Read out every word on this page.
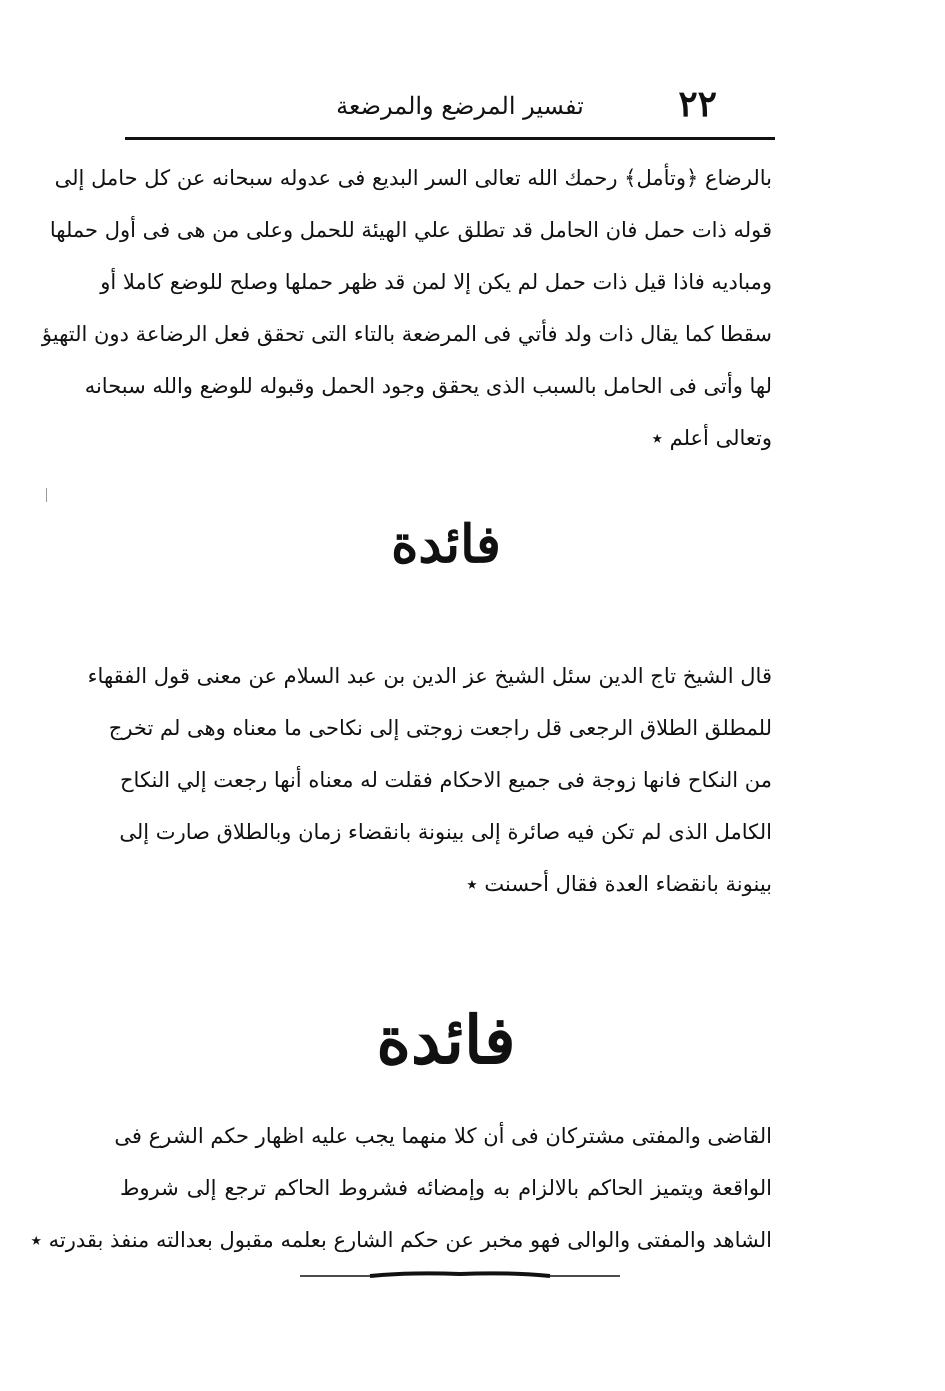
٢٢
تفسير المرضع والمرضعة
بالرضاع ﴿وتأمل﴾ رحمك الله تعالى السر البديع فى عدوله سبحانه عن كل حامل إلى
قوله ذات حمل فان الحامل قد تطلق علي الهيئة للحمل وعلى من هى فى أول حملها
ومباديه فاذا قيل ذات حمل لم يكن إلا لمن قد ظهر حملها وصلح للوضع كاملا أو
سقطا كما يقال ذات ولد فأتي فى المرضعة بالتاء التى تحقق فعل الرضاعة دون التهيؤ
لها وأتى فى الحامل بالسبب الذى يحقق وجود الحمل وقبوله للوضع والله سبحانه
وتعالى أعلم ٭
فائدة
قال الشيخ تاج الدين سئل الشيخ عز الدين بن عبد السلام عن معنى قول الفقهاء
للمطلق الطلاق الرجعى قل راجعت زوجتى إلى نكاحى ما معناه وهى لم تخرج
من النكاح فانها زوجة فى جميع الاحكام فقلت له معناه أنها رجعت إلي النكاح
الكامل الذى لم تكن فيه صائرة إلى بينونة بانقضاء زمان وبالطلاق صارت إلى
بينونة بانقضاء العدة فقال أحسنت ٭
فائدة
القاضى والمفتى مشتركان فى أن كلا منهما يجب عليه اظهار حكم الشرع فى
الواقعة ويتميز الحاكم بالالزام به وإمضائه فشروط الحاكم ترجع إلى شروط
الشاهد والمفتى والوالى فهو مخبر عن حكم الشارع بعلمه مقبول بعدالته منفذ بقدرته ٭
